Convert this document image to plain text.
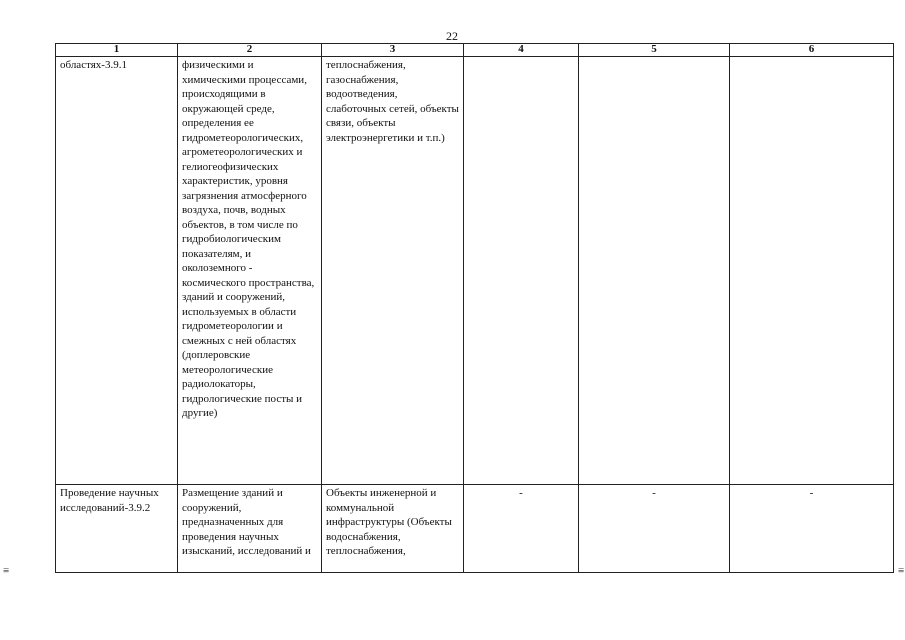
22
1	2	3	4	5	6
областях-3.9.1	физическими и химическими процессами, происходящими в окружающей среде, определения ее гидрометеорологических, агрометеорологических и гелиогеофизических характеристик, уровня загрязнения атмосферного воздуха, почв, водных объектов, в том числе по гидробиологическим показателям, и околоземного - космического пространства, зданий и сооружений, используемых в области гидрометеорологии и смежных с ней областях (доплеровские метеорологические радиолокаторы, гидрологические посты и другие)	теплоснабжения, газоснабжения, водоотведения, слаботочных сетей, объекты связи, объекты электроэнергетики и т.п.)			
Проведение научных исследований-3.9.2	Размещение зданий и сооружений, предназначенных для проведения научных изысканий, исследований и	Объекты инженерной и коммунальной инфраструктуры (Объекты водоснабжения, теплоснабжения,	-	-	-
≡	≡
